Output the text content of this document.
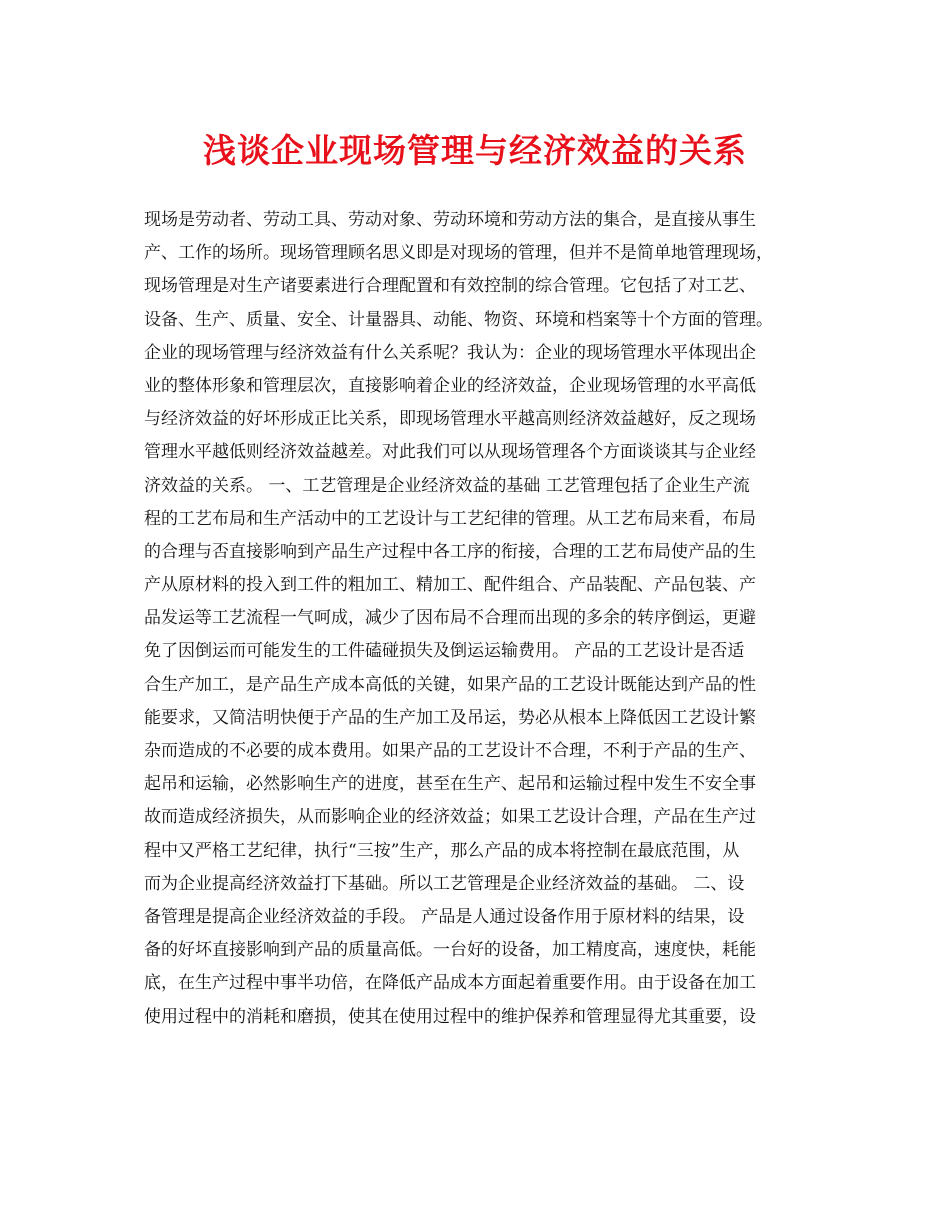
浅谈企业现场管理与经济效益的关系
现场是劳动者、劳动工具、劳动对象、劳动环境和劳动方法的集合，是直接从事生
产、工作的场所。现场管理顾名思义即是对现场的管理，但并不是简单地管理现场，
现场管理是对生产诸要素进行合理配置和有效控制的综合管理。它包括了对工艺、
设备、生产、质量、安全、计量器具、动能、物资、环境和档案等十个方面的管理。
企业的现场管理与经济效益有什么关系呢？我认为：企业的现场管理水平体现出企
业的整体形象和管理层次，直接影响着企业的经济效益，企业现场管理的水平高低
与经济效益的好坏形成正比关系，即现场管理水平越高则经济效益越好，反之现场
管理水平越低则经济效益越差。对此我们可以从现场管理各个方面谈谈其与企业经
济效益的关系。 一、工艺管理是企业经济效益的基础 工艺管理包括了企业生产流
程的工艺布局和生产活动中的工艺设计与工艺纪律的管理。从工艺布局来看，布局
的合理与否直接影响到产品生产过程中各工序的衔接，合理的工艺布局使产品的生
产从原材料的投入到工件的粗加工、精加工、配件组合、产品装配、产品包装、产
品发运等工艺流程一气呵成，减少了因布局不合理而出现的多余的转序倒运，更避
免了因倒运而可能发生的工件磕碰损失及倒运运输费用。 产品的工艺设计是否适
合生产加工，是产品生产成本高低的关键，如果产品的工艺设计既能达到产品的性
能要求，又简洁明快便于产品的生产加工及吊运，势必从根本上降低因工艺设计繁
杂而造成的不必要的成本费用。如果产品的工艺设计不合理，不利于产品的生产、
起吊和运输，必然影响生产的进度，甚至在生产、起吊和运输过程中发生不安全事
故而造成经济损失，从而影响企业的经济效益；如果工艺设计合理，产品在生产过
程中又严格工艺纪律，执行“三按”生产，那么产品的成本将控制在最底范围，从
而为企业提高经济效益打下基础。所以工艺管理是企业经济效益的基础。 二、设
备管理是提高企业经济效益的手段。 产品是人通过设备作用于原材料的结果，设
备的好坏直接影响到产品的质量高低。一台好的设备，加工精度高，速度快，耗能
底，在生产过程中事半功倍，在降低产品成本方面起着重要作用。由于设备在加工
使用过程中的消耗和磨损，使其在使用过程中的维护保养和管理显得尤其重要，设
